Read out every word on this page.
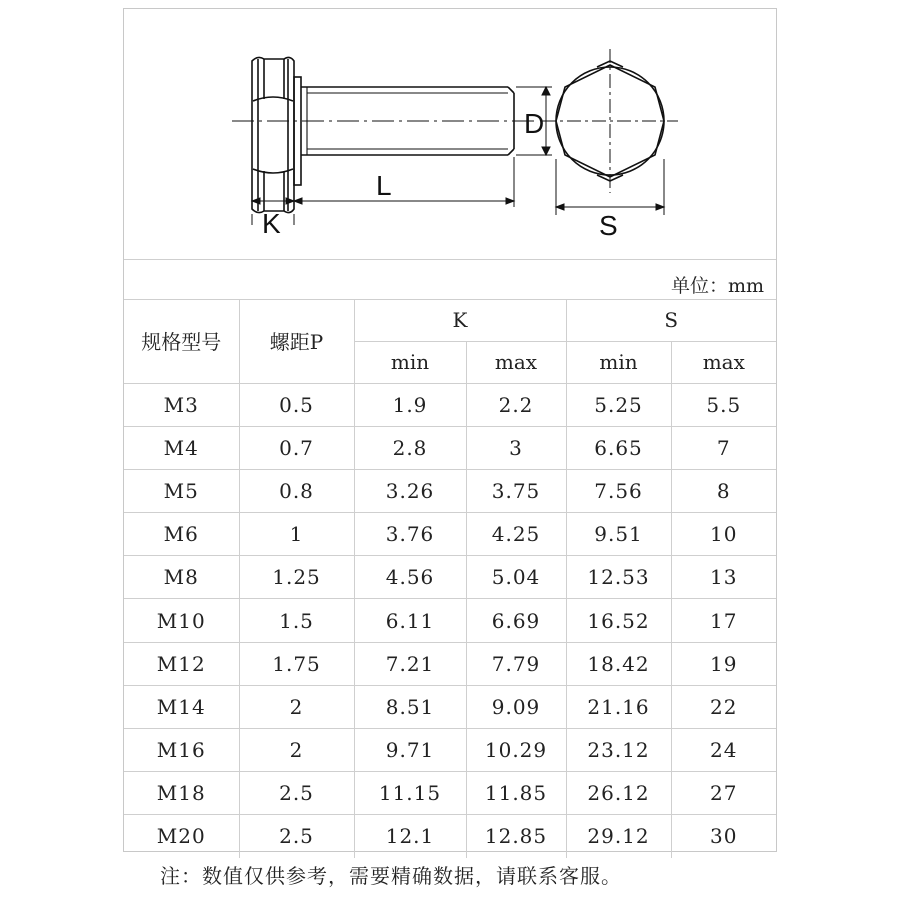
D
L
K	S
单位：mm
规格型号	螺距P	K		S	
		min	max	min	max
M3	0.5	1.9	2.2	5.25	5.5
M4	0.7	2.8	3	6.65	7
M5	0.8	3.26	3.75	7.56	8
M6	1	3.76	4.25	9.51	10
M8	1.25	4.56	5.04	12.53	13
M10	1.5	6.11	6.69	16.52	17
M12	1.75	7.21	7.79	18.42	19
M14	2	8.51	9.09	21.16	22
M16	2	9.71	10.29	23.12	24
M18	2.5	11.15	11.85	26.12	27
M20	2.5	12.1	12.85	29.12	30
注：数值仅供参考，需要精确数据，请联系客服。
